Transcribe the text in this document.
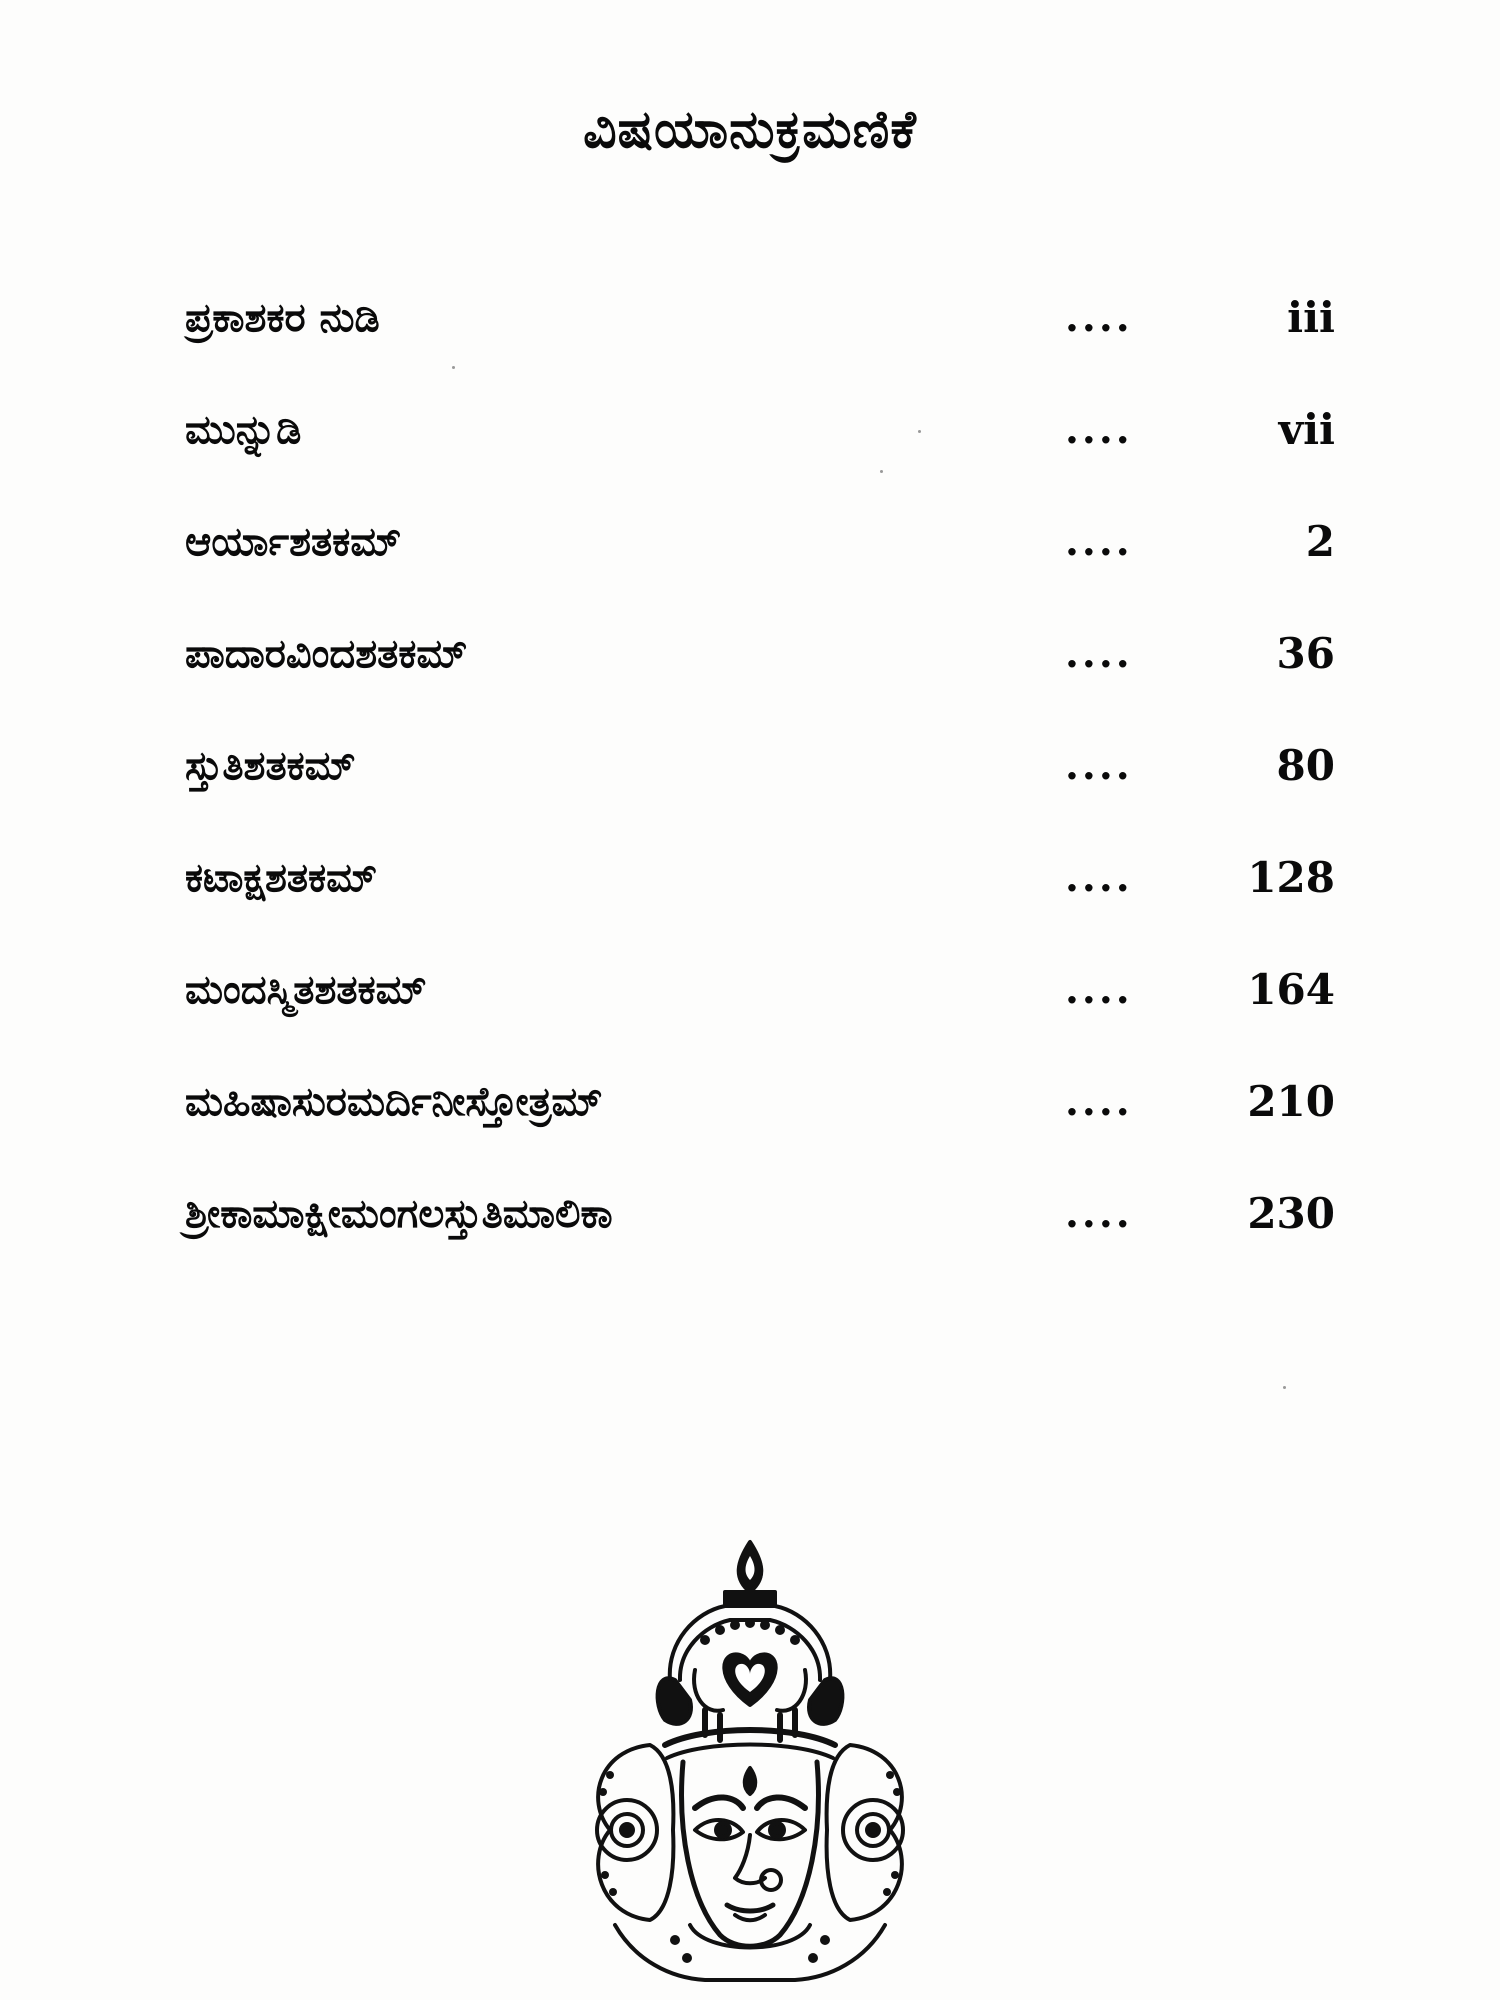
ವಿಷಯಾನುಕ್ರಮಣಿಕೆ
ಪ್ರಕಾಶಕರ ನುಡಿ	....	iii
ಮುನ್ನುಡಿ	....	vii
ಆರ್ಯಾಶತಕಮ್	....	2
ಪಾದಾರವಿಂದಶತಕಮ್	....	36
ಸ್ತುತಿಶತಕಮ್	....	80
ಕಟಾಕ್ಷಶತಕಮ್	....	128
ಮಂದಸ್ಮಿತಶತಕಮ್	....	164
ಮಹಿಷಾಸುರಮರ್ದಿನೀಸ್ತೋತ್ರಮ್	....	210
ಶ್ರೀಕಾಮಾಕ್ಷೀಮಂಗಲಸ್ತುತಿಮಾಲಿಕಾ	....	230
